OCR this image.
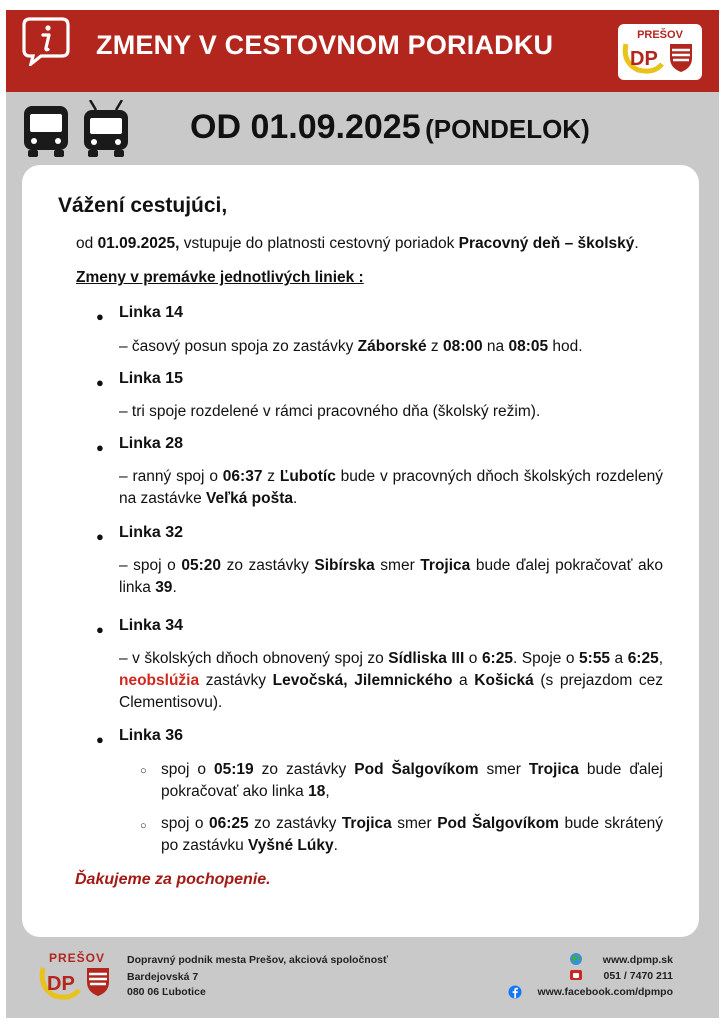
ZMENY V CESTOVNOM PORIADKU	PREŠOV
DP
OD 01.09.2025 (PONDELOK)
Vážení cestujúci,
od 01.09.2025, vstupuje do platnosti cestovný poriadok Pracovný deň – školský.
Zmeny v premávke jednotlivých liniek :
● Linka 14
– časový posun spoja zo zastávky Záborské z 08:00 na 08:05 hod.
● Linka 15
– tri spoje rozdelené v rámci pracovného dňa (školský režim).
● Linka 28
– ranný spoj o 06:37 z Ľubotíc bude v pracovných dňoch školských rozdelený na zastávke Veľká pošta.
● Linka 32
– spoj o 05:20 zo zastávky Sibírska smer Trojica bude ďalej pokračovať ako linka 39.
● Linka 34
– v školských dňoch obnovený spoj zo Sídliska III o 6:25. Spoje o 5:55 a 6:25, neobslúžia zastávky Levočská, Jilemnického a Košická (s prejazdom cez Clementisovu).
● Linka 36
○ spoj o 05:19 zo zastávky Pod Šalgovíkom smer Trojica bude ďalej pokračovať ako linka 18,
○ spoj o 06:25 zo zastávky Trojica smer Pod Šalgovíkom bude skrátený po zastávku Vyšné Lúky.
Ďakujeme za pochopenie.
PREŠOV
DP
Dopravný podnik mesta Prešov, akciová spoločnosť
Bardejovská 7
080 06 Ľubotice
www.dpmp.sk
051 / 7470 211
www.facebook.com/dpmpo
